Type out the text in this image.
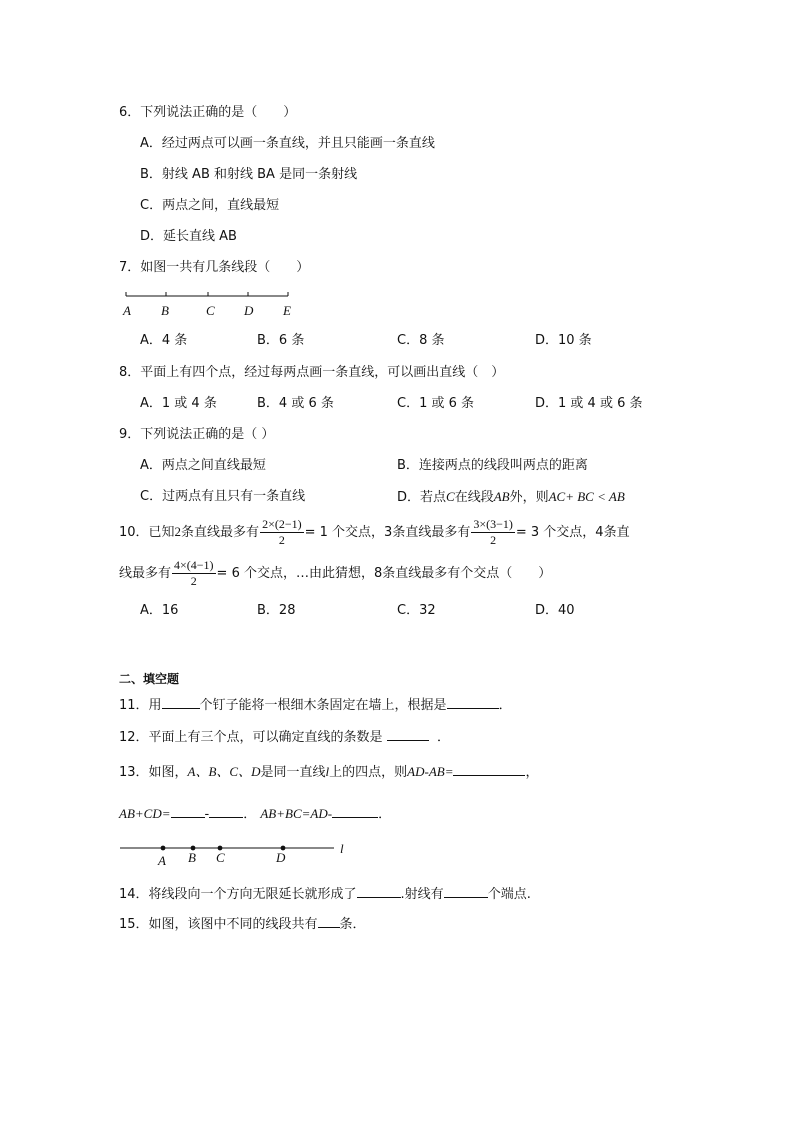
6．下列说法正确的是（　　）
A．经过两点可以画一条直线，并且只能画一条直线
B．射线 AB 和射线 BA 是同一条射线
C．两点之间，直线最短
D．延长直线 AB
7．如图一共有几条线段（　　）
A B	C D E
A．4 条	B．6 条	C．8 条	D．10 条
8．平面上有四个点，经过每两点画一条直线，可以画出直线（　）
A．1 或 4 条	B．4 或 6 条	C．1 或 6 条	D．1 或 4 或 6 条
9．下列说法正确的是（ ）
A．两点之间直线最短	B．连接两点的线段叫两点的距离
C．过两点有且只有一条直线	D．若点C在线段AB外，则AC+ BC < AB
10．已知2条直线最多有 $\frac{2\times(2-1)}{2} = 1$ 个交点，3条直线最多有 $\frac{3\times(3-1)}{2} = 3$ 个交点，4条直
线最多有 $\frac{4\times(4-1)}{2} = 6$ 个交点，…由此猜想，8条直线最多有个交点（　　）
A．16	B．28	C．32	D．40
二、填空题
11．用	个钉子能将一根细木条固定在墙上，根据是	．
12．平面上有三个点，可以确定直线的条数是	．
13．如图，A、B、C、D是同一直线l上的四点，则AD-AB=	，
AB+CD=	-	． AB+BC=AD-	．
A B C	D
l
14．将线段向一个方向无限延长就形成了	.射线有	个端点.
15．如图，该图中不同的线段共有 条．
